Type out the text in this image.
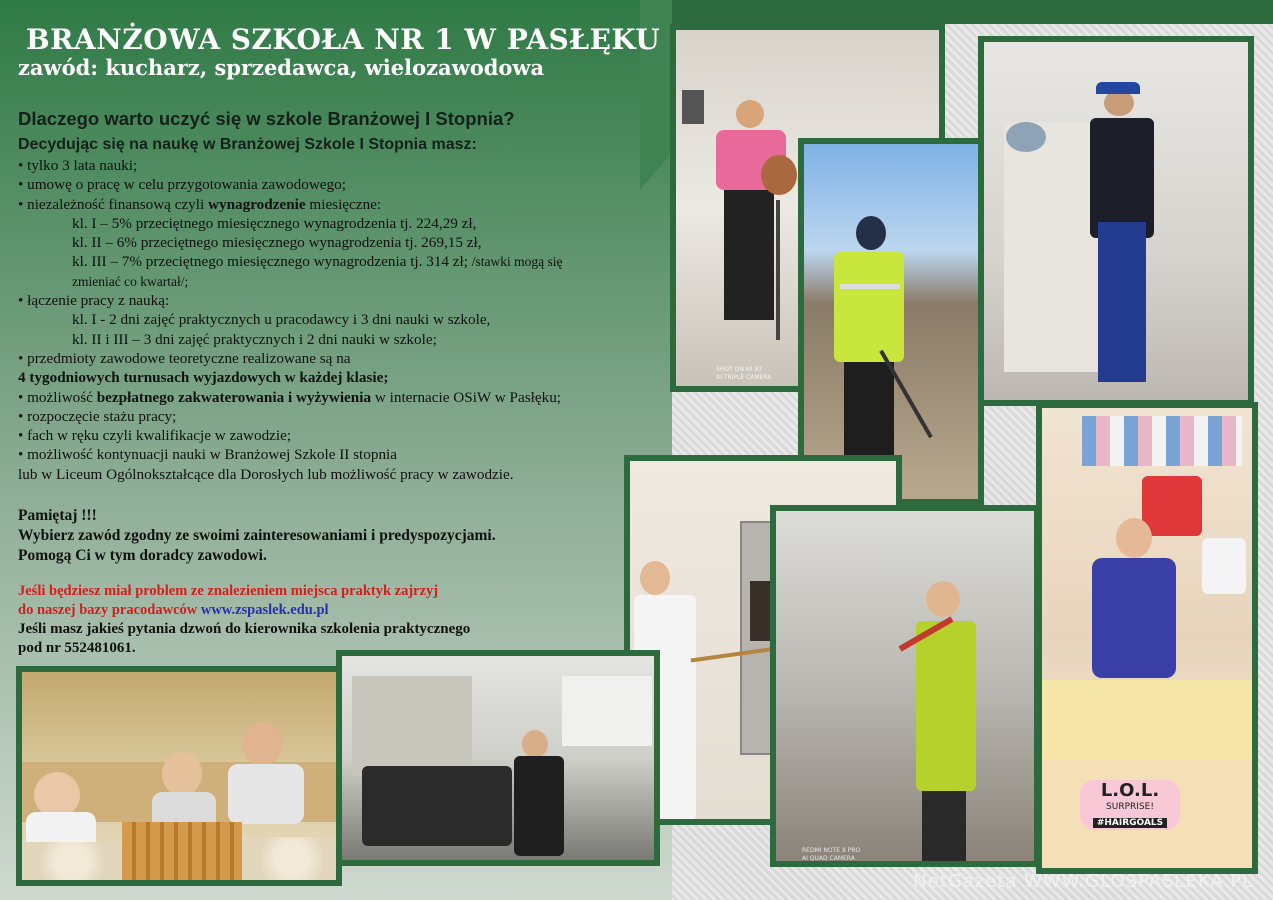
BRANŻOWA SZKOŁA NR 1 W PASŁĘKU
zawód: kucharz, sprzedawca, wielozawodowa

Dlaczego warto uczyć się w szkole Branżowej I Stopnia?

Decydując się na naukę w Branżowej Szkole I Stopnia masz:

• tylko 3 lata nauki;

• umowę o pracę w celu przygotowania zawodowego;

• niezależność finansową czyli wynagrodzenie miesięczne:

kl. I – 5% przeciętnego miesięcznego wynagrodzenia tj. 224,29 zł,

kl. II – 6% przeciętnego miesięcznego wynagrodzenia tj. 269,15 zł,

kl. III – 7% przeciętnego miesięcznego wynagrodzenia tj. 314 zł; /stawki mogą się

zmieniać co kwartał/;

• łączenie pracy z nauką:

kl. I - 2 dni zajęć praktycznych u pracodawcy i 3 dni nauki w szkole,

kl. II i III – 3 dni zajęć praktycznych i 2 dni nauki w szkole;

• przedmioty zawodowe teoretyczne realizowane są na

4 tygodniowych turnusach wyjazdowych w każdej klasie;

• możliwość bezpłatnego zakwaterowania i wyżywienia w internacie OSiW w Pasłęku;

• rozpoczęcie stażu pracy;

• fach w ręku czyli kwalifikacje w zawodzie;

• możliwość kontynuacji nauki w Branżowej Szkole II stopnia

lub w Liceum Ogólnokształcące dla Dorosłych lub możliwość pracy w zawodzie.

Pamiętaj !!!

Wybierz zawód zgodny ze swoimi zainteresowaniami i predyspozycjami.

Pomogą Ci w tym doradcy zawodowi.

Jeśli będziesz miał problem ze znalezieniem miejsca praktyk zajrzyj

do naszej bazy pracodawców www.zspaslek.edu.pl

Jeśli masz jakieś pytania dzwoń do kierownika szkolenia praktycznego

pod nr 552481061.

SHOT ON MI 9T
AI TRIPLE CAMERA
L.O.L.
SURPRISE!
#HAIRGOALS
REDMI NOTE 8 PRO
AI QUAD CAMERA
NetGazeta WWW.GLOSPASLEKA.PL
